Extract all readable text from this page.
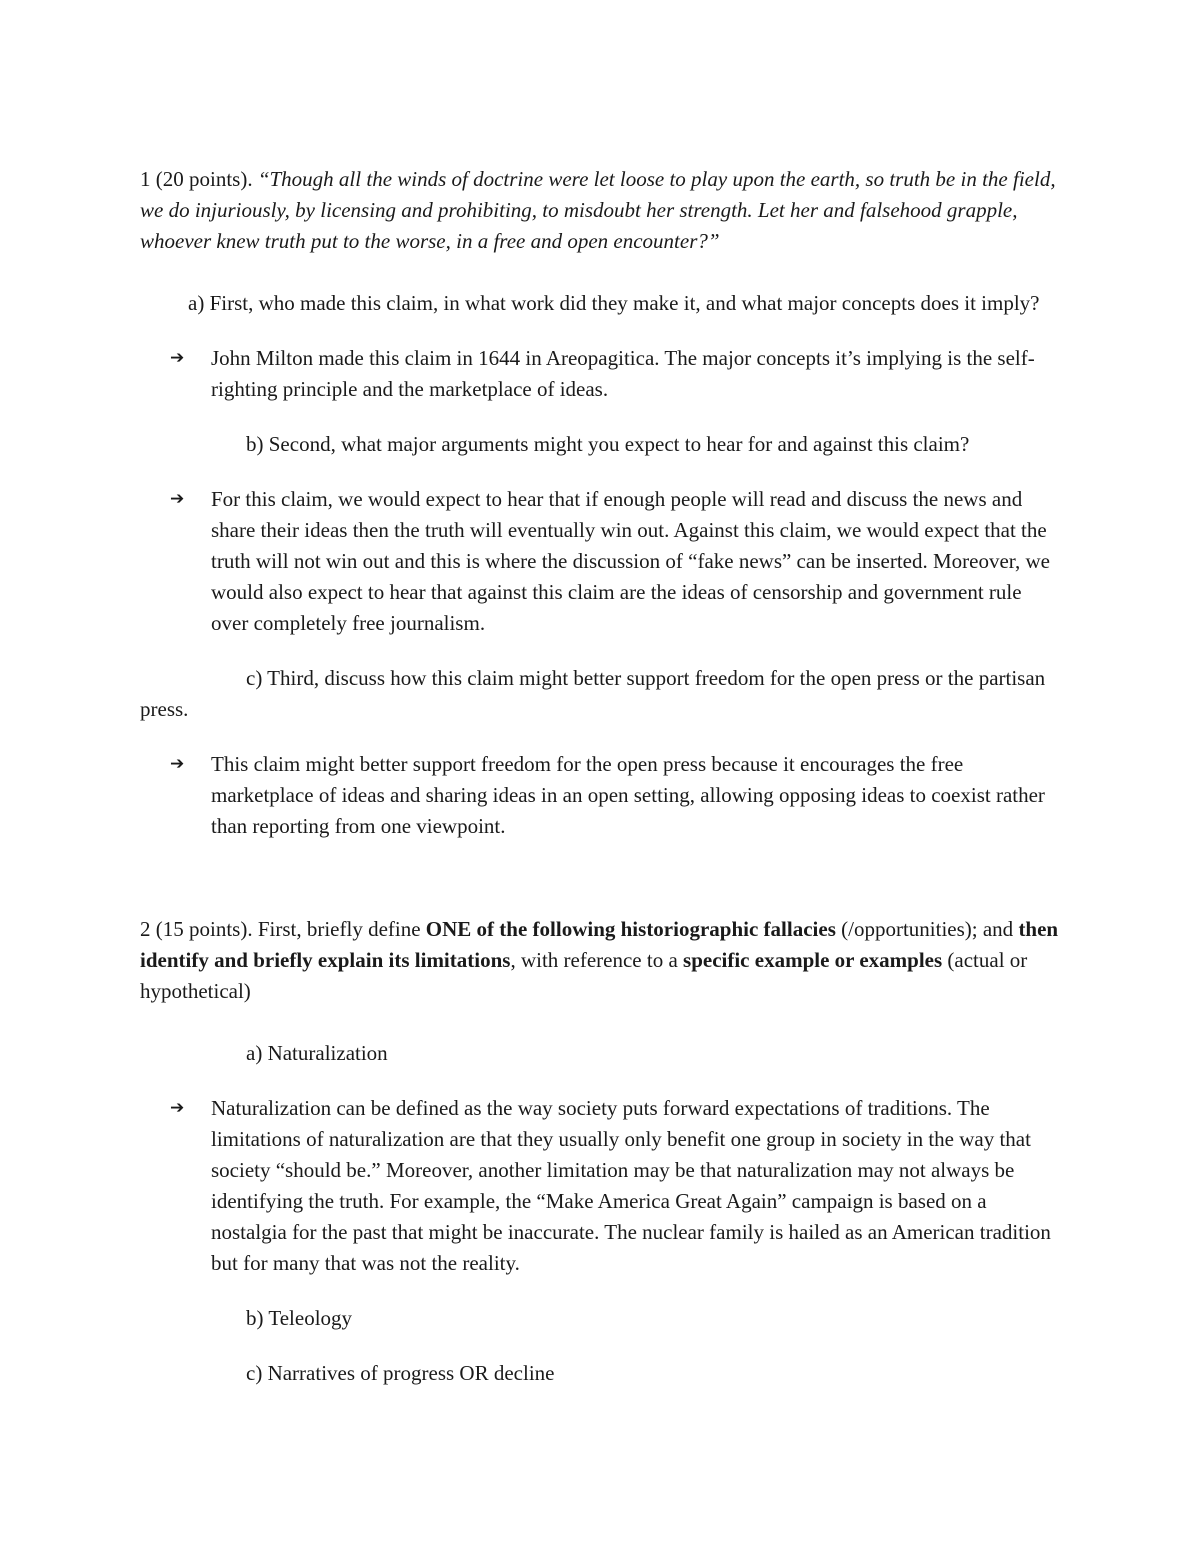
1 (20 points). “Though all the winds of doctrine were let loose to play upon the earth, so truth be in the field, we do injuriously, by licensing and prohibiting, to misdoubt her strength. Let her and falsehood grapple, whoever knew truth put to the worse, in a free and open encounter?”

a) First, who made this claim, in what work did they make it, and what major concepts does it imply?

➔ John Milton made this claim in 1644 in Areopagitica. The major concepts it’s implying is the self-righting principle and the marketplace of ideas.

b) Second, what major arguments might you expect to hear for and against this claim?

➔ For this claim, we would expect to hear that if enough people will read and discuss the news and share their ideas then the truth will eventually win out. Against this claim, we would expect that the truth will not win out and this is where the discussion of “fake news” can be inserted. Moreover, we would also expect to hear that against this claim are the ideas of censorship and government rule over completely free journalism.

c) Third, discuss how this claim might better support freedom for the open press or the partisan press.

➔ This claim might better support freedom for the open press because it encourages the free marketplace of ideas and sharing ideas in an open setting, allowing opposing ideas to coexist rather than reporting from one viewpoint.

2 (15 points). First, briefly define ONE of the following historiographic fallacies (/opportunities); and then identify and briefly explain its limitations, with reference to a specific example or examples (actual or hypothetical)

a) Naturalization

➔ Naturalization can be defined as the way society puts forward expectations of traditions. The limitations of naturalization are that they usually only benefit one group in society in the way that society “should be.” Moreover, another limitation may be that naturalization may not always be identifying the truth. For example, the “Make America Great Again” campaign is based on a nostalgia for the past that might be inaccurate. The nuclear family is hailed as an American tradition but for many that was not the reality.

b) Teleology

c) Narratives of progress OR decline
